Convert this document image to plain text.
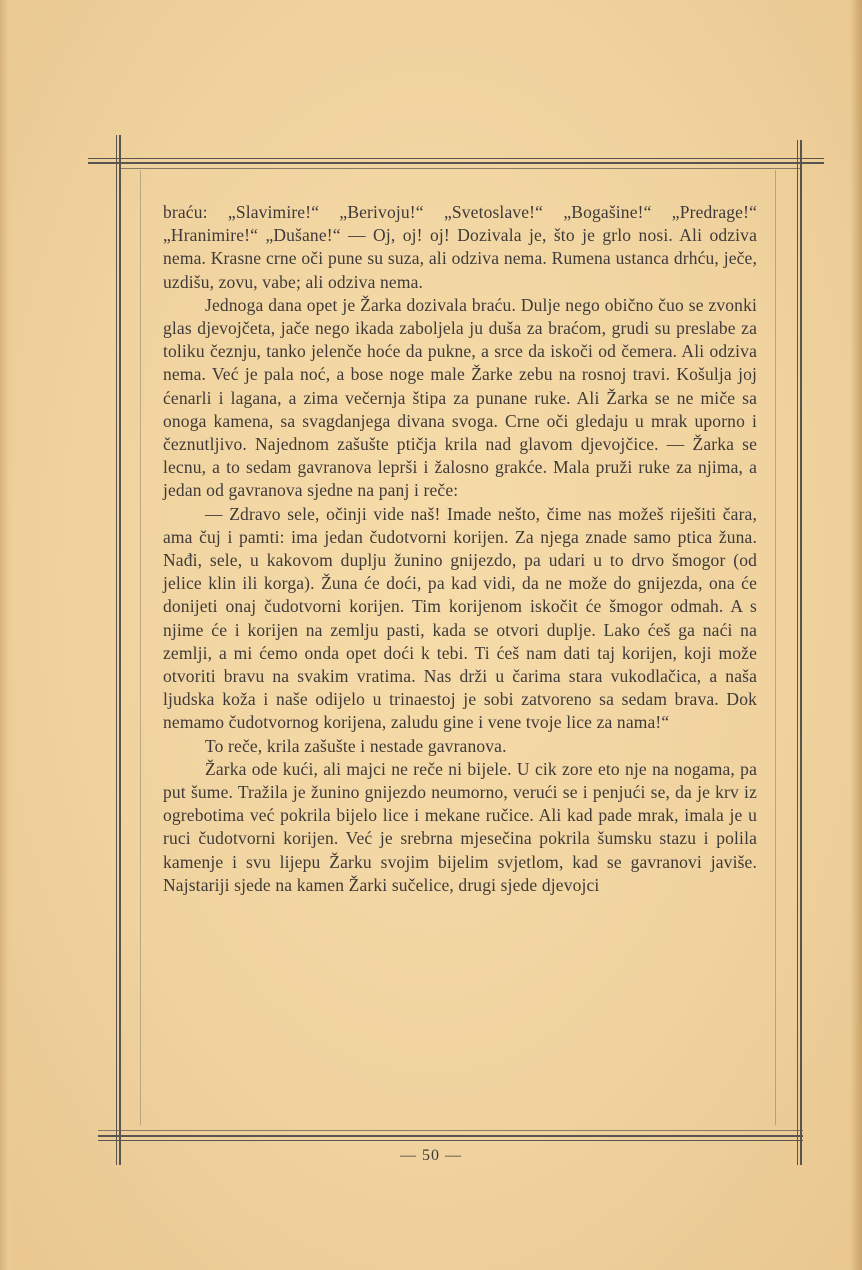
braću: „Slavimire!“ „Berivoju!“ „Svetoslave!“ „Bogašine!“ „Predrage!“ „Hranimire!“ „Dušane!“ — Oj, oj! oj! Dozivala je, što je grlo nosi. Ali odziva nema. Krasne crne oči pune su suza, ali odziva nema. Rumena ustanca drhću, ječe, uzdišu, zovu, vabe; ali odziva nema.

Jednoga dana opet je Žarka dozivala braću. Dulje nego obično čuo se zvonki glas djevojčeta, jače nego ikada zaboljela ju duša za braćom, grudi su preslabe za toliku čeznju, tanko jelenče hoće da pukne, a srce da iskoči od čemera. Ali odziva nema. Već je pala noć, a bose noge male Žarke zebu na rosnoj travi. Košulja joj ćenarli i lagana, a zima večernja štipa za punane ruke. Ali Žarka se ne miče sa onoga kamena, sa svagdanjega divana svoga. Crne oči gledaju u mrak uporno i čeznutljivo. Najednom zašušte ptičja krila nad glavom djevojčice. — Žarka se lecnu, a to sedam gavranova leprši i žalosno grakće. Mala pruži ruke za njima, a jedan od gavranova sjedne na panj i reče:

— Zdravo sele, očinji vide naš! Imade nešto, čime nas možeš riješiti čara, ama čuj i pamti: ima jedan čudotvorni korijen. Za njega znade samo ptica žuna. Nađi, sele, u kakovom duplju žunino gnijezdo, pa udari u to drvo šmogor (od jelice klin ili korga). Žuna će doći, pa kad vidi, da ne može do gnijezda, ona će donijeti onaj čudotvorni korijen. Tim korijenom iskočit će šmogor odmah. A s njime će i korijen na zemlju pasti, kada se otvori duplje. Lako ćeš ga naći na zemlji, a mi ćemo onda opet doći k tebi. Ti ćeš nam dati taj korijen, koji može otvoriti bravu na svakim vratima. Nas drži u čarima stara vukodlačica, a naša ljudska koža i naše odijelo u trinaestoj je sobi zatvoreno sa sedam brava. Dok nemamo čudotvornog korijena, zaludu gine i vene tvoje lice za nama!“

To reče, krila zašušte i nestade gavranova.

Žarka ode kući, ali majci ne reče ni bijele. U cik zore eto nje na nogama, pa put šume. Tražila je žunino gnijezdo neumorno, verući se i penjući se, da je krv iz ogrebotima već pokrila bijelo lice i mekane ručice. Ali kad pade mrak, imala je u ruci čudotvorni korijen. Već je srebrna mjesečina pokrila šumsku stazu i polila kamenje i svu lijepu Žarku svojim bijelim svjetlom, kad se gavranovi javiše. Najstariji sjede na kamen Žarki sučelice, drugi sjede djevojci

— 50 —
